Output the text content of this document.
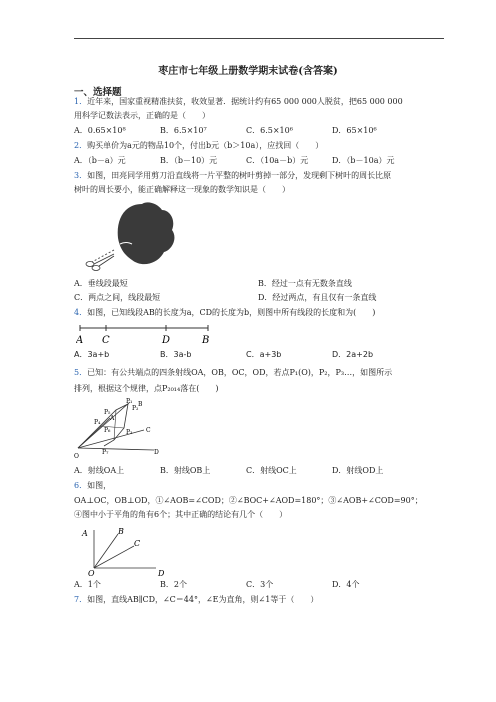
枣庄市七年级上册数学期末试卷(含答案)
一、选择题
1．近年来，国家重视精准扶贫，收效显著．据统计约有65 000 000人脱贫，把65 000 000
用科学记数法表示，正确的是（　　）
A．0.65×10⁸	B．6.5×10⁷	C．6.5×10⁶	D．65×10⁶
2．购买单价为a元的物品10个，付出b元（b＞10a），应找回（　　）
A．（b－a）元	B．（b－10）元	C．（10a－b）元	D．（b－10a）元
3．如图，田亮同学用剪刀沿直线将一片平整的树叶剪掉一部分，发现剩下树叶的周长比原
树叶的周长要小，能正确解释这一现象的数学知识是（　　）
A．垂线段最短	B．经过一点有无数条直线
C．两点之间，线段最短	D．经过两点，有且仅有一条直线
4．如图，已知线段AB的长度为a，CD的长度为b，则图中所有线段的长度和为(　　)
A C	D	B
A．3a+b	B．3a-b	C．a+3b	D．2a+2b
5．已知：有公共端点的四条射线OA，OB，OC，OD，若点P₁(O)，P₂，P₃…，如图所示
排列，根据这个规律，点P₂₀₁₄落在(　　)
P₁
P₂
P₃
P₄
P₅
P₆
P₇
A
B
C
D
O
A．射线OA上	B．射线OB上	C．射线OC上	D．射线OD上
6．如图，
OA⊥OC，OB⊥OD，①∠AOB=∠COD；②∠BOC+∠AOD=180°；③∠AOB+∠COD=90°；
④图中小于平角的角有6个；其中正确的结论有几个（　　）
A	B
C
O	D
A．1个	B．2个	C．3个	D．4个
7．如图，直线AB∥CD，∠C＝44°，∠E为直角，则∠1等于（　　）
